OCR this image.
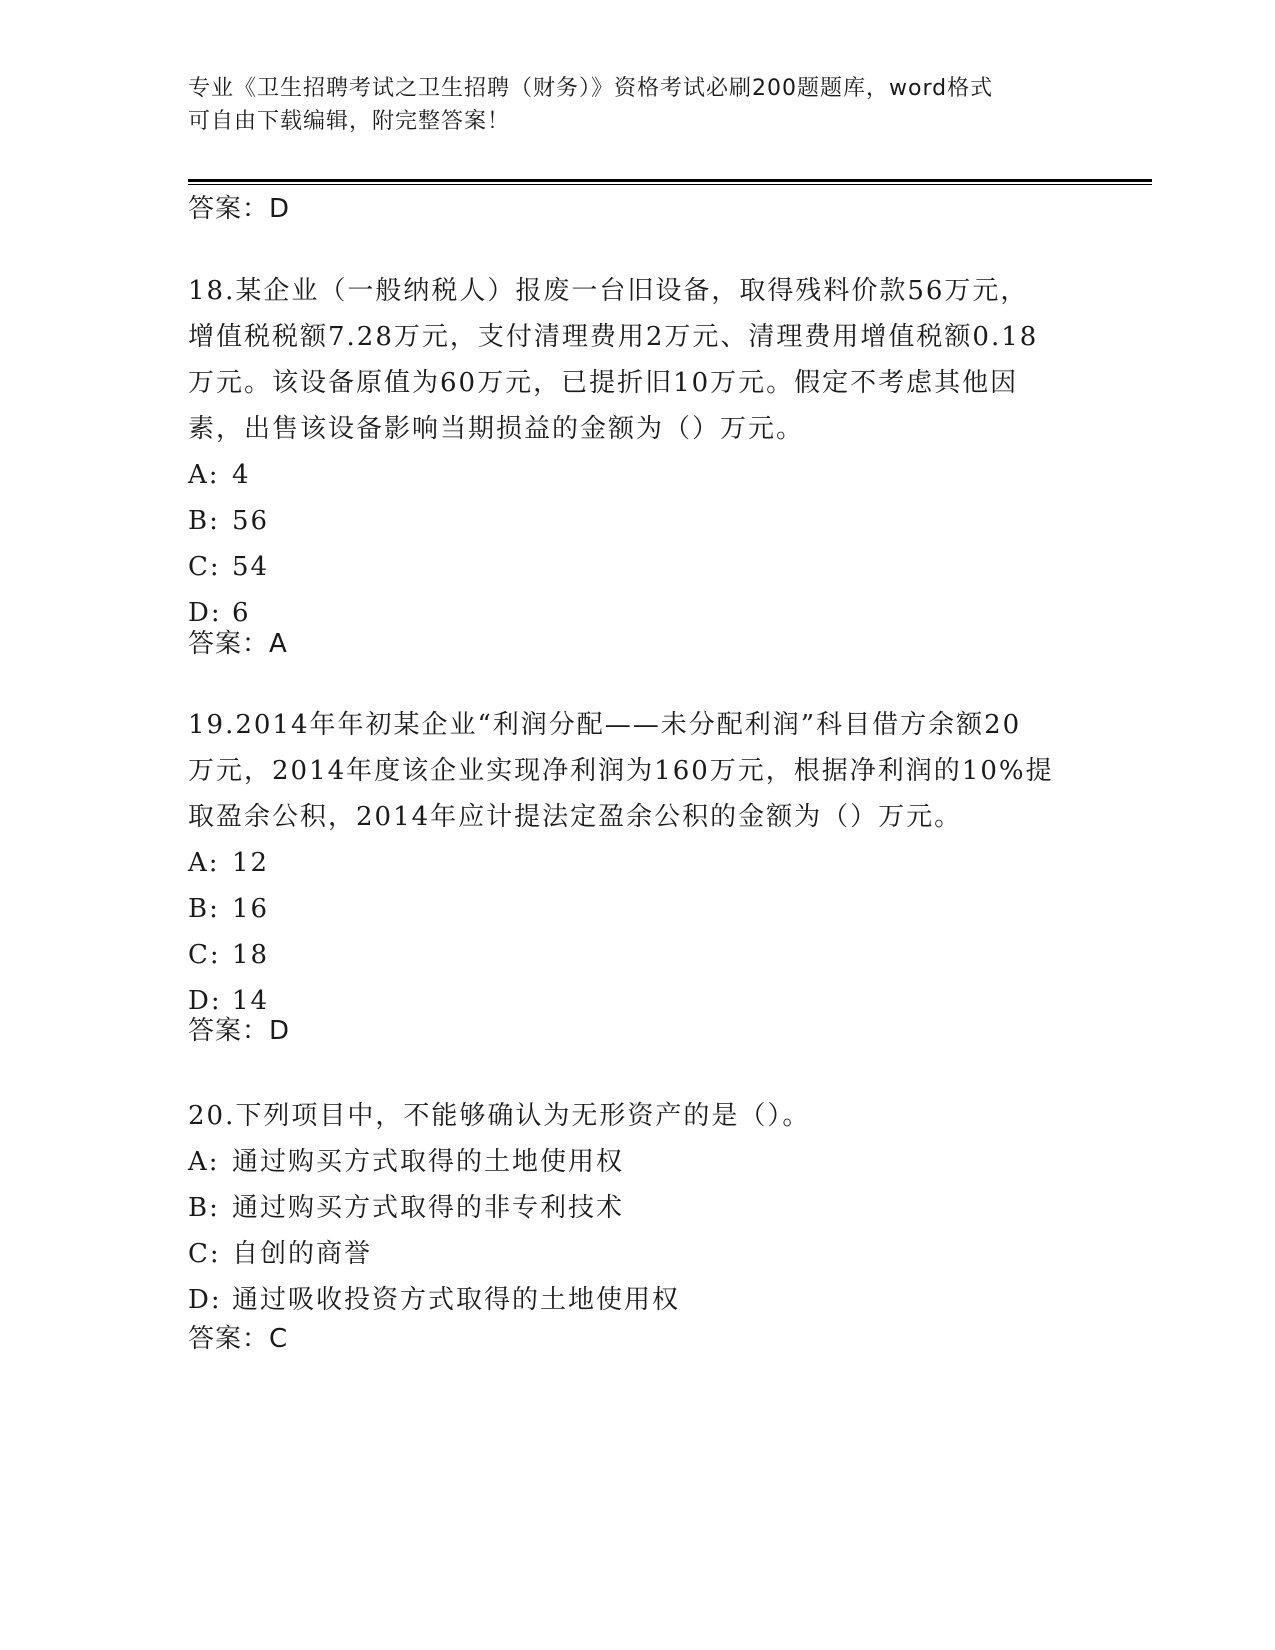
专业《卫生招聘考试之卫生招聘（财务）》资格考试必刷200题题库，word格式
可自由下载编辑，附完整答案！
答案：D
18.某企业（一般纳税人）报废一台旧设备，取得残料价款56万元，
增值税税额7.28万元，支付清理费用2万元、清理费用增值税额0.18
万元。该设备原值为60万元，已提折旧10万元。假定不考虑其他因
素，出售该设备影响当期损益的金额为（）万元。
A: 4
B: 56
C: 54
D: 6
答案：A
19.2014年年初某企业“利润分配——未分配利润”科目借方余额20
万元，2014年度该企业实现净利润为160万元，根据净利润的10%提
取盈余公积，2014年应计提法定盈余公积的金额为（）万元。
A: 12
B: 16
C: 18
D: 14
答案：D
20.下列项目中，不能够确认为无形资产的是（）。
A: 通过购买方式取得的土地使用权
B: 通过购买方式取得的非专利技术
C: 自创的商誉
D: 通过吸收投资方式取得的土地使用权
答案：C
